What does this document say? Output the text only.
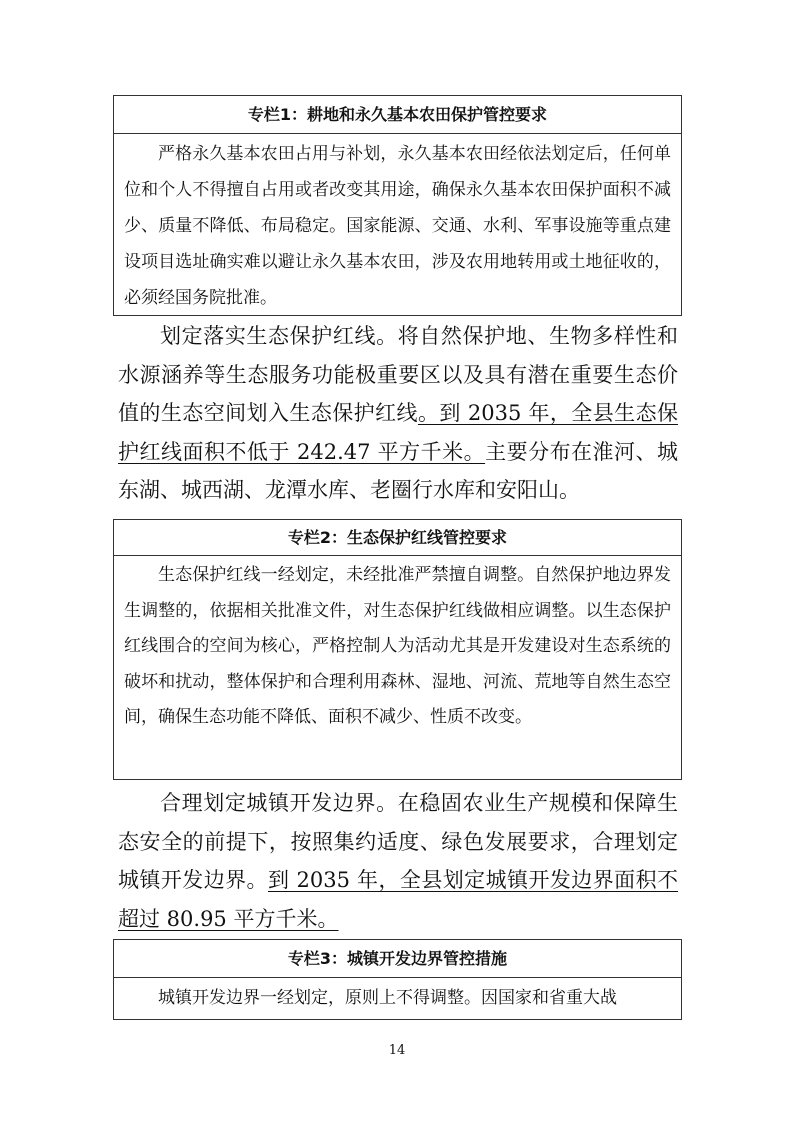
专栏1：耕地和永久基本农田保护管控要求

严格永久基本农田占用与补划，永久基本农田经依法划定后，任何单位和个人不得擅自占用或者改变其用途，确保永久基本农田保护面积不减少、质量不降低、布局稳定。国家能源、交通、水利、军事设施等重点建设项目选址确实难以避让永久基本农田，涉及农用地转用或土地征收的，必须经国务院批准。

划定落实生态保护红线。将自然保护地、生物多样性和水源涵养等生态服务功能极重要区以及具有潜在重要生态价值的生态空间划入生态保护红线。到 2035 年，全县生态保护红线面积不低于 242.47 平方千米。主要分布在淮河、城东湖、城西湖、龙潭水库、老圈行水库和安阳山。

专栏2：生态保护红线管控要求

生态保护红线一经划定，未经批准严禁擅自调整。自然保护地边界发生调整的，依据相关批准文件，对生态保护红线做相应调整。以生态保护红线围合的空间为核心，严格控制人为活动尤其是开发建设对生态系统的破坏和扰动，整体保护和合理利用森林、湿地、河流、荒地等自然生态空间，确保生态功能不降低、面积不减少、性质不改变。

合理划定城镇开发边界。在稳固农业生产规模和保障生态安全的前提下，按照集约适度、绿色发展要求，合理划定城镇开发边界。到 2035 年，全县划定城镇开发边界面积不超过 80.95 平方千米。

专栏3：城镇开发边界管控措施

城镇开发边界一经划定，原则上不得调整。因国家和省重大战

14
